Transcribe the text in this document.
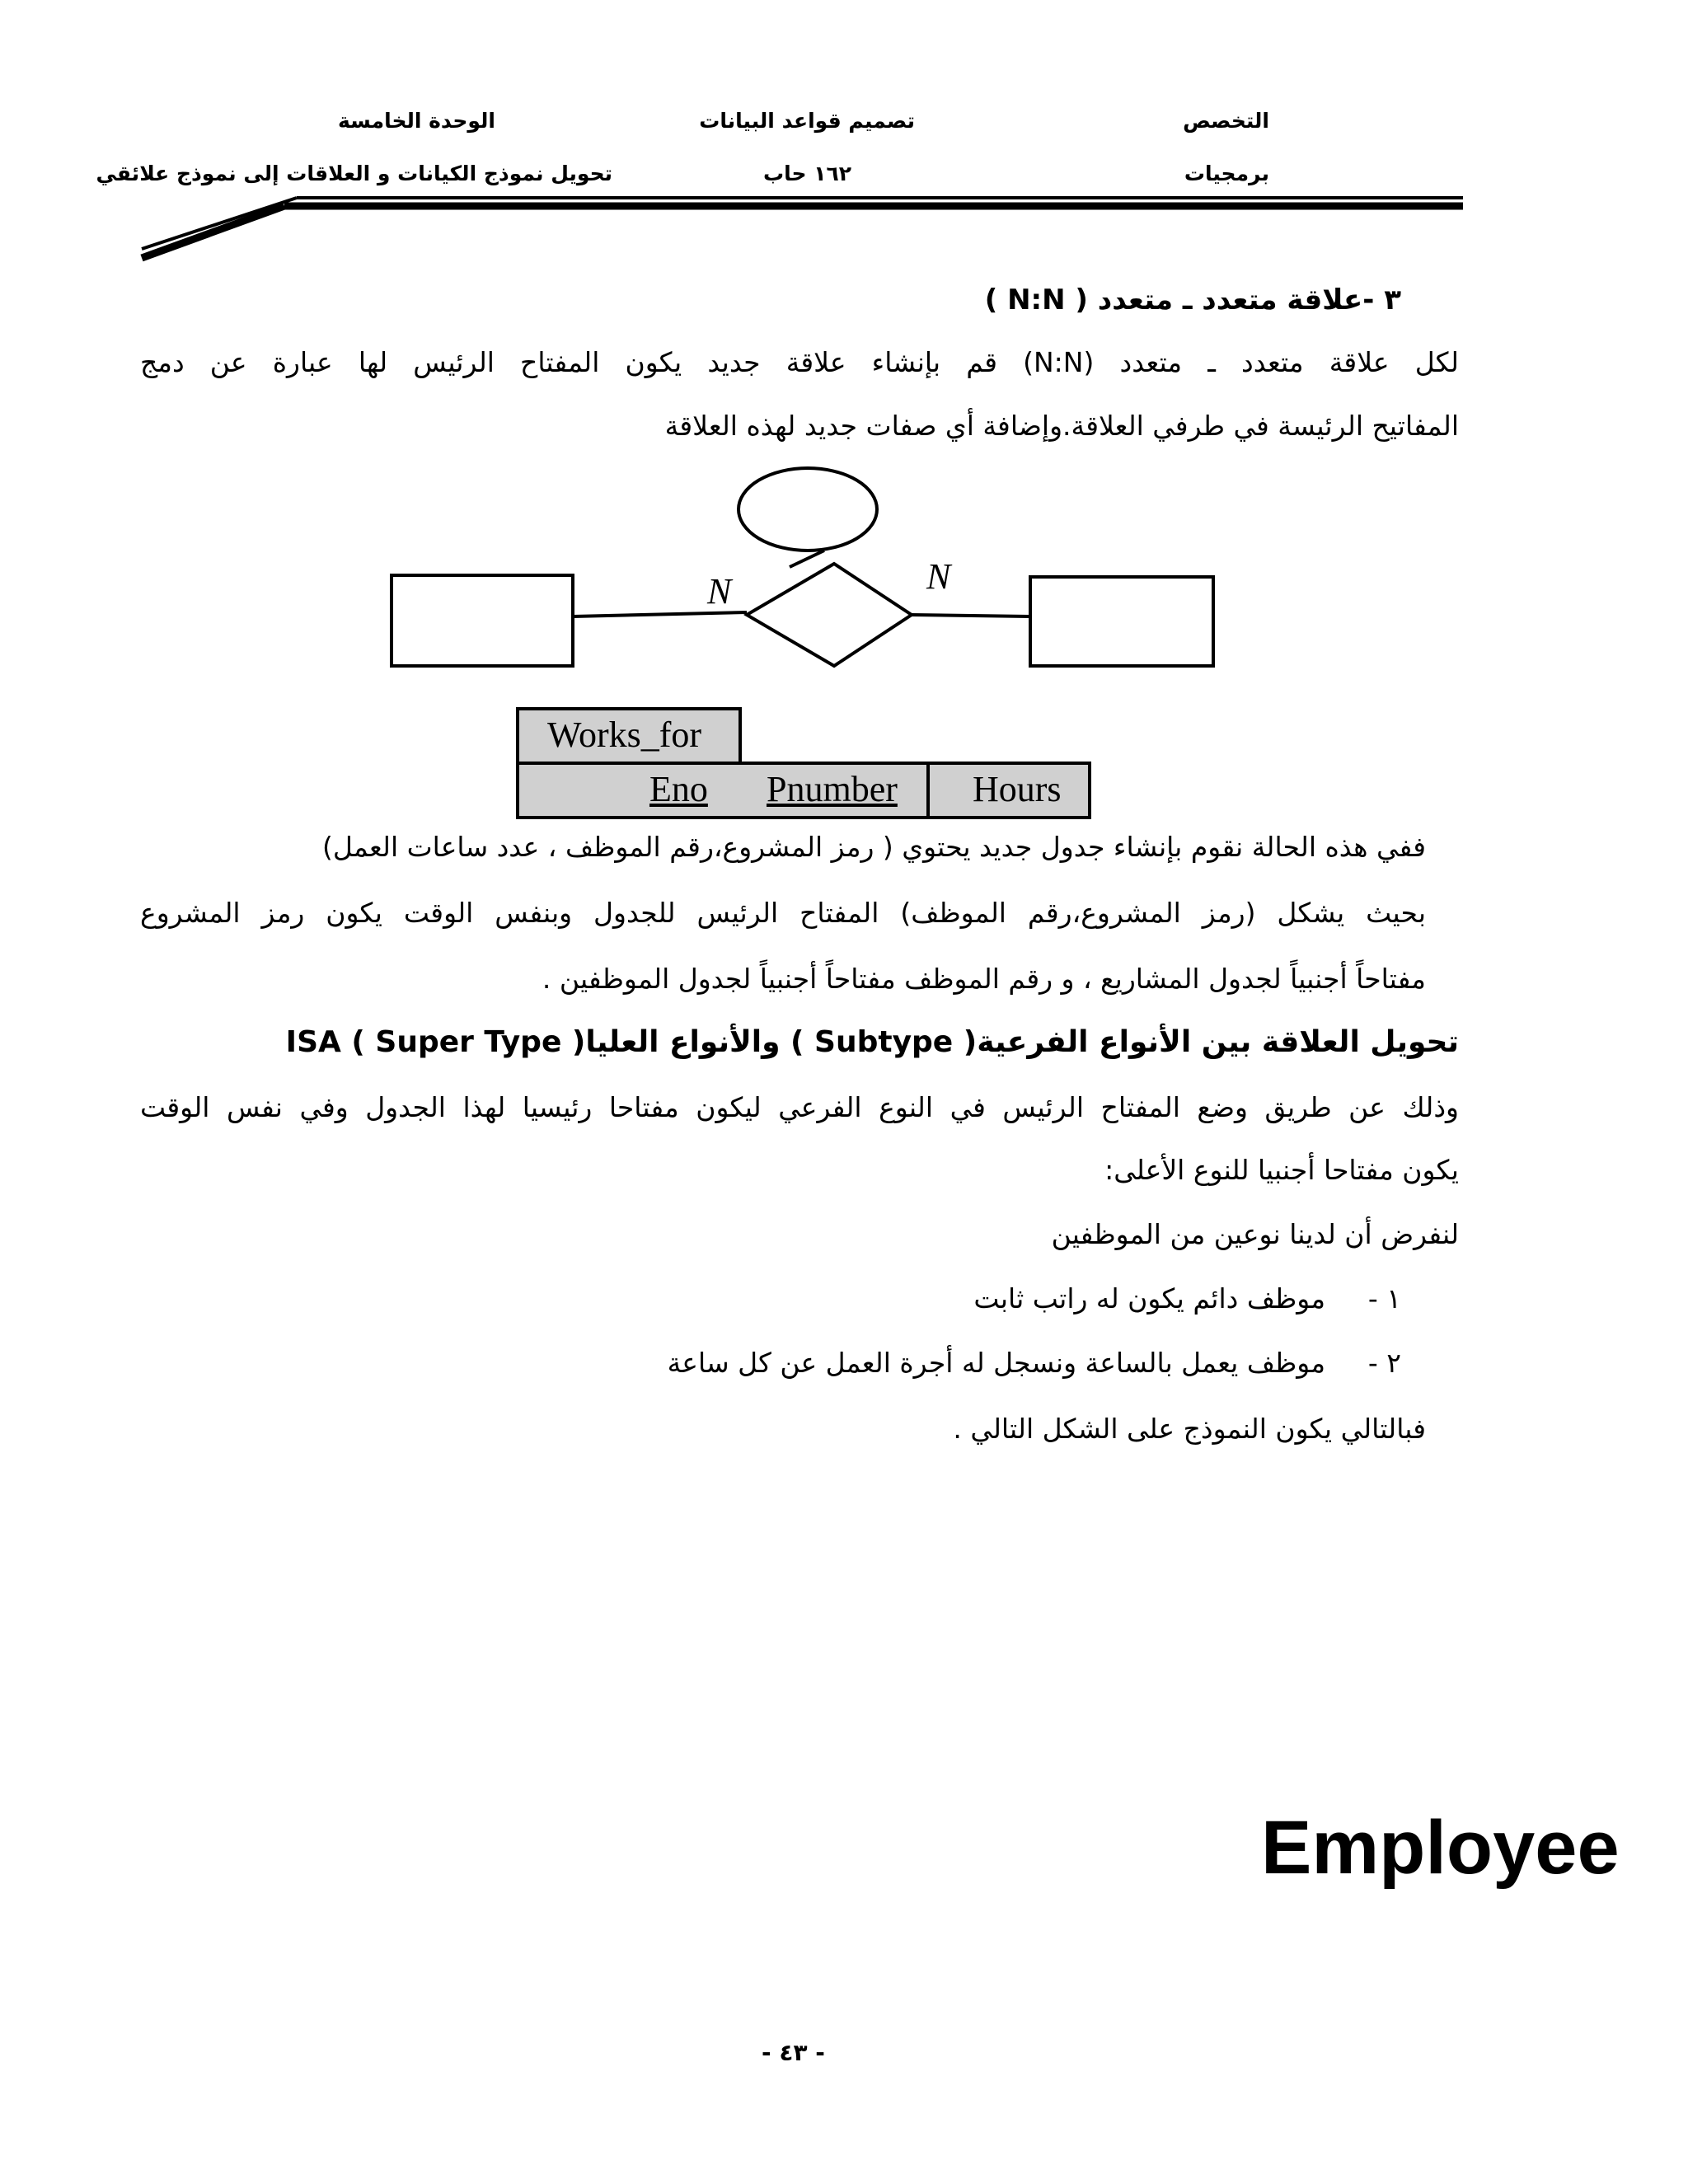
التخصص
برمجيات
تصميم قواعد البيانات
١٦٢ حاب
الوحدة الخامسة
تحويل نموذج الكيانات و العلاقات إلى نموذج علائقي
٣ -علاقة متعدد ـ متعدد ( N:N )
لكل علاقة متعدد ـ متعدد (N:N) قم بإنشاء علاقة جديد يكون المفتاح الرئيس لها عبارة عن دمج
المفاتيح الرئيسة في طرفي العلاقة.وإضافة أي صفات جديد لهذه العلاقة
N	N
Works_for
Eno Pnumber Hours
ففي هذه الحالة نقوم بإنشاء جدول جديد يحتوي ( رمز المشروع،رقم الموظف ، عدد ساعات العمل)
بحيث يشكل (رمز المشروع،رقم الموظف) المفتاح الرئيس للجدول وبنفس الوقت يكون رمز المشروع
مفتاحاً أجنبياً لجدول المشاريع ، و رقم الموظف مفتاحاً أجنبياً لجدول الموظفين .
تحويل العلاقة بين الأنواع الفرعية( Subtype ) والأنواع العليا( Super Type ) ISA
وذلك عن طريق وضع المفتاح الرئيس في النوع الفرعي ليكون مفتاحا رئيسيا لهذا الجدول وفي نفس الوقت
يكون مفتاحا أجنبيا للنوع الأعلى:
لنفرض أن لدينا نوعين من الموظفين
١ -
موظف دائم يكون له راتب ثابت
٢ -
موظف يعمل بالساعة ونسجل له أجرة العمل عن كل ساعة
فبالتالي يكون النموذج على الشكل التالي .
Employee
- ٤٣ -
